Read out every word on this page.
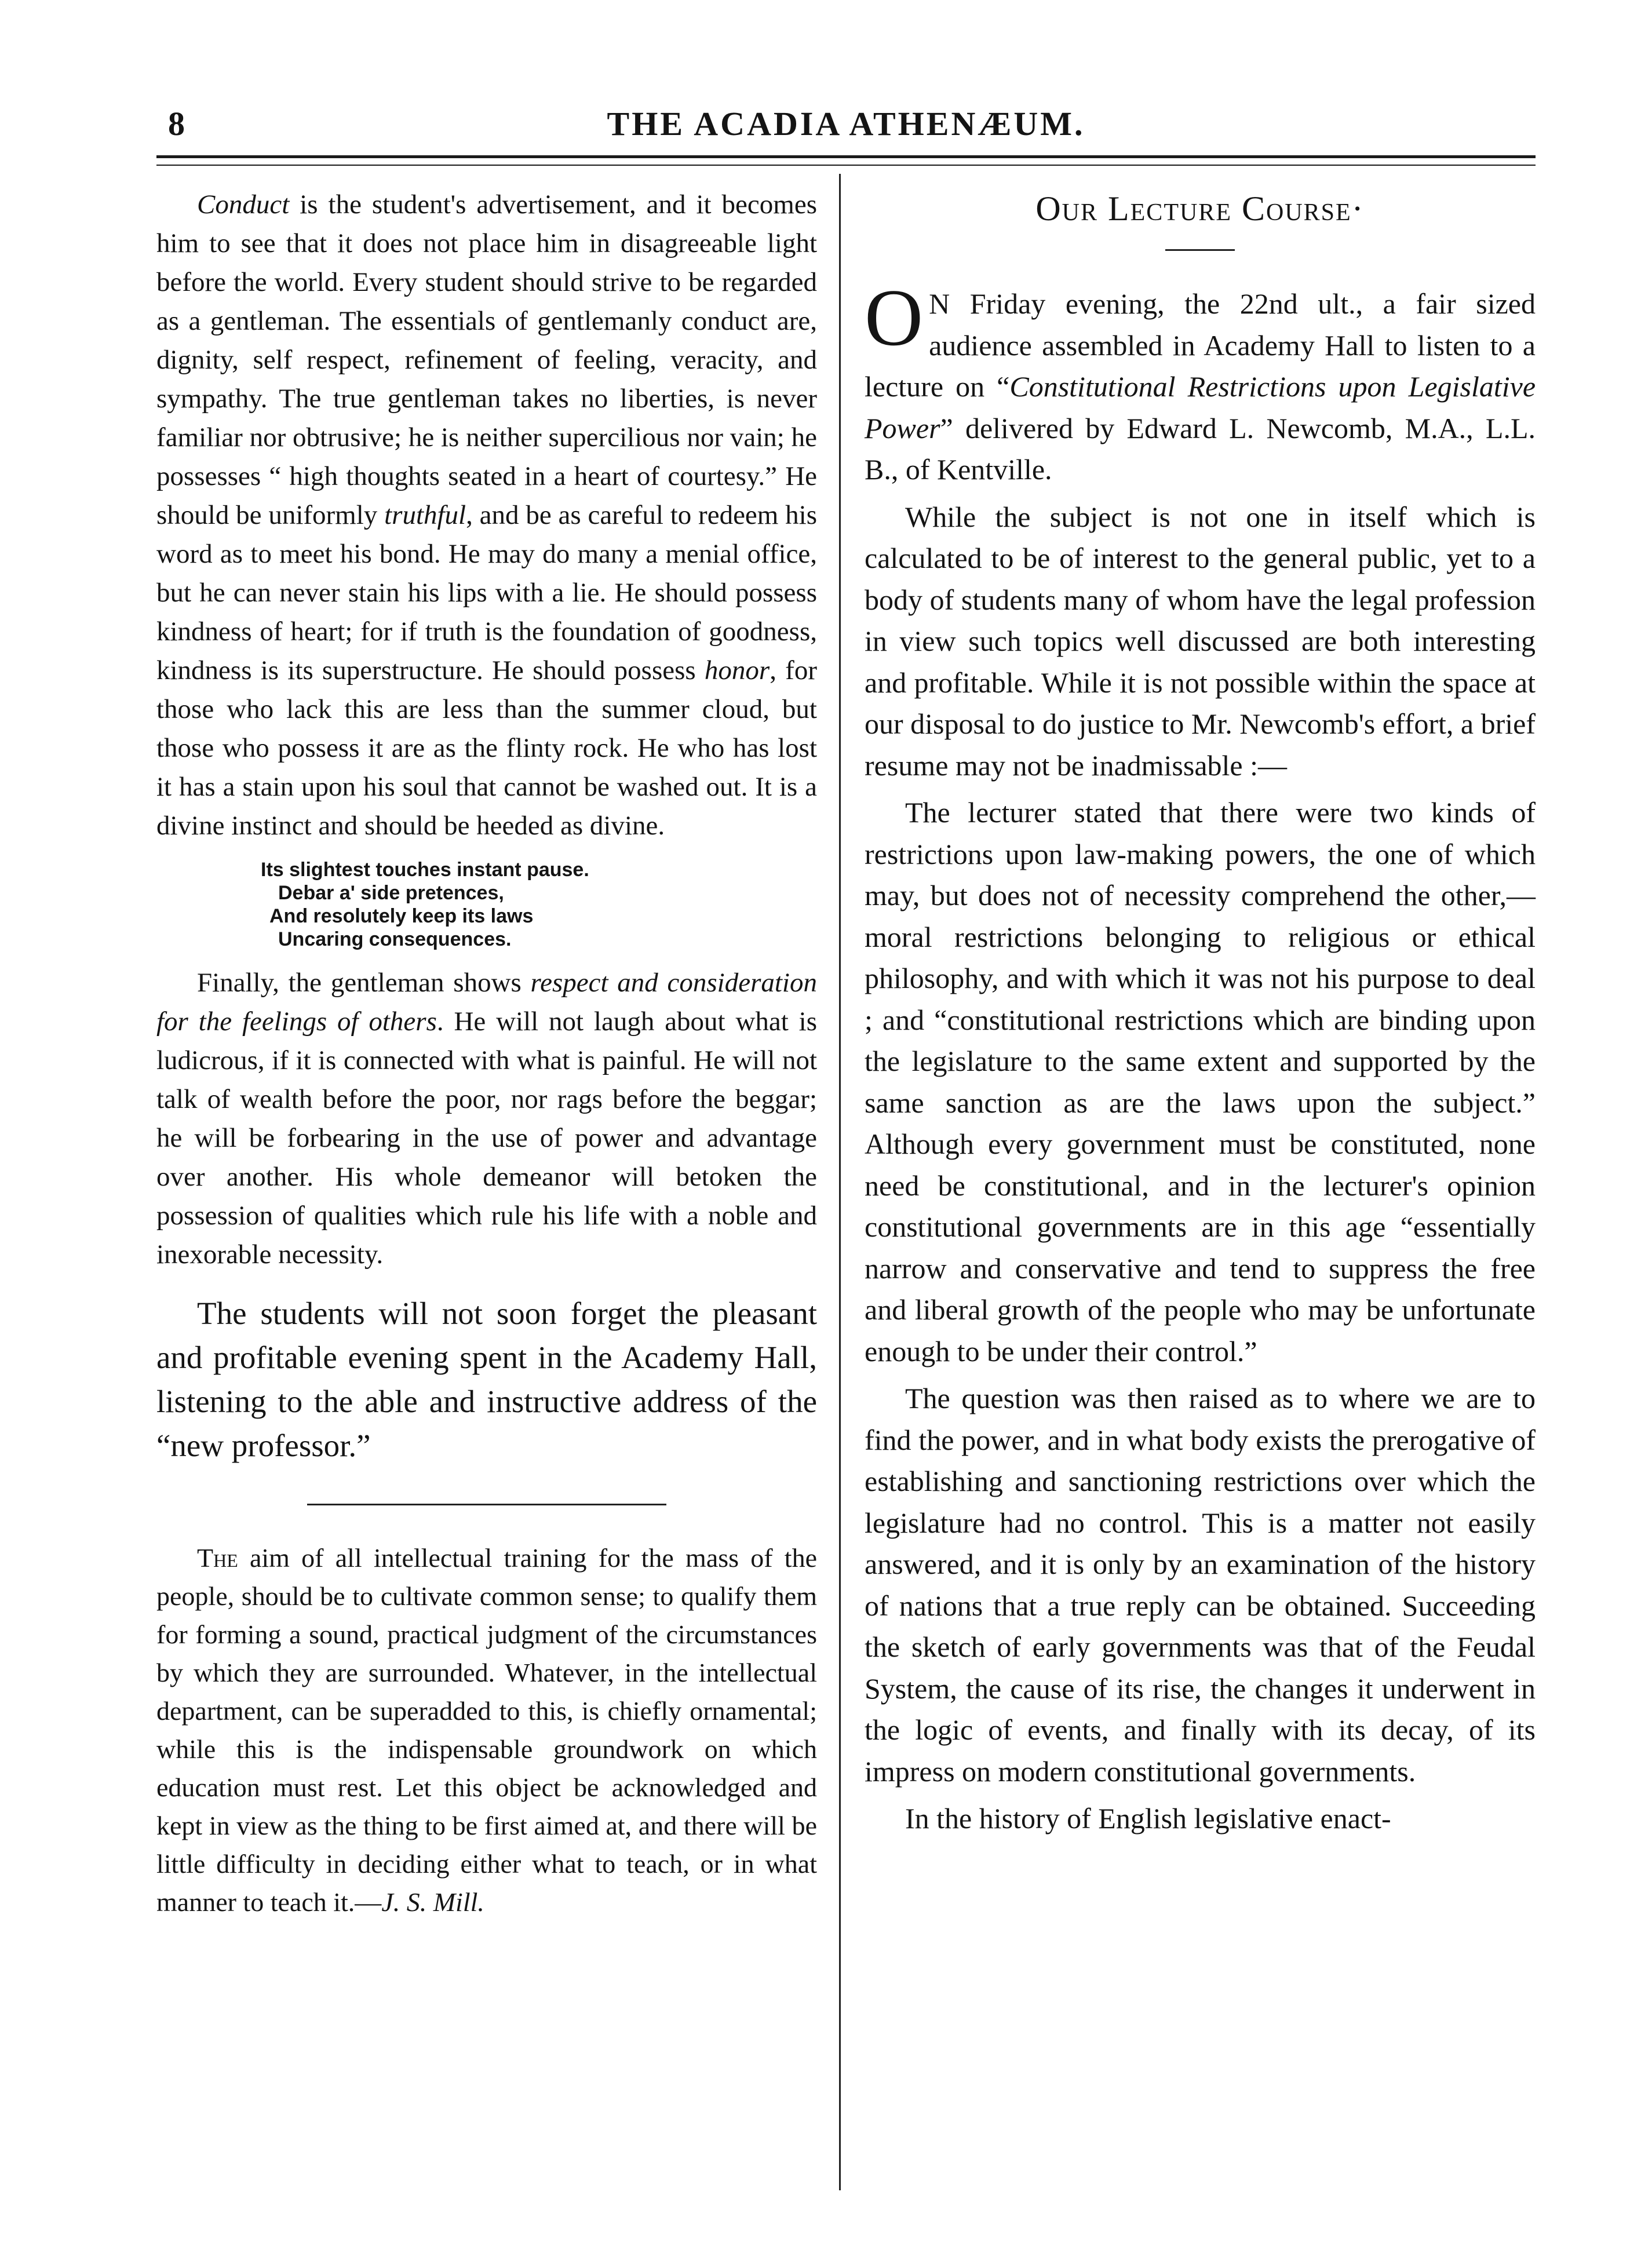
8	THE ACADIA ATHENÆUM.

Conduct is the student's advertisement, and it becomes him to see that it does not place him in disagreeable light before the world. Every student should strive to be regarded as a gentleman. The essentials of gentlemanly conduct are, dignity, self respect, refinement of feeling, veracity, and sympathy. The true gentleman takes no liberties, is never familiar nor obtrusive; he is neither supercilious nor vain; he possesses “ high thoughts seated in a heart of courtesy.” He should be uniformly truthful, and be as careful to redeem his word as to meet his bond. He may do many a menial office, but he can never stain his lips with a lie. He should possess kindness of heart; for if truth is the foundation of goodness, kindness is its superstructure. He should possess honor, for those who lack this are less than the summer cloud, but those who possess it are as the flinty rock. He who has lost it has a stain upon his soul that cannot be washed out. It is a divine instinct and should be heeded as divine.

Its slightest touches instant pause.
Debar a' side pretences,
And resolutely keep its laws
Uncaring consequences.

Finally, the gentleman shows respect and consideration for the feelings of others. He will not laugh about what is ludicrous, if it is connected with what is painful. He will not talk of wealth before the poor, nor rags before the beggar; he will be forbearing in the use of power and advantage over another. His whole demeanor will betoken the possession of qualities which rule his life with a noble and inexorable necessity.

The students will not soon forget the pleasant and profitable evening spent in the Academy Hall, listening to the able and instructive address of the “new professor.”

The aim of all intellectual training for the mass of the people, should be to cultivate common sense; to qualify them for forming a sound, practical judgment of the circumstances by which they are surrounded. Whatever, in the intellectual department, can be superadded to this, is chiefly ornamental; while this is the indispensable groundwork on which education must rest. Let this object be acknowledged and kept in view as the thing to be first aimed at, and there will be little difficulty in deciding either what to teach, or in what manner to teach it.—J. S. Mill.

Our Lecture Course·

O N Friday evening, the 22nd ult., a fair sized audience assembled in Academy Hall to listen to a lecture on “Constitutional Restrictions upon Legislative Power” delivered by Edward L. Newcomb, M.A., L.L. B., of Kentville.

While the subject is not one in itself which is calculated to be of interest to the general public, yet to a body of students many of whom have the legal profession in view such topics well discussed are both interesting and profitable. While it is not possible within the space at our disposal to do justice to Mr. Newcomb's effort, a brief resume may not be inadmissable :—

The lecturer stated that there were two kinds of restrictions upon law-making powers, the one of which may, but does not of necessity comprehend the other,—moral restrictions belonging to religious or ethical philosophy, and with which it was not his purpose to deal ; and “constitutional restrictions which are binding upon the legislature to the same extent and supported by the same sanction as are the laws upon the subject.” Although every government must be constituted, none need be constitutional, and in the lecturer's opinion constitutional governments are in this age “essentially narrow and conservative and tend to suppress the free and liberal growth of the people who may be unfortunate enough to be under their control.”

The question was then raised as to where we are to find the power, and in what body exists the prerogative of establishing and sanctioning restrictions over which the legislature had no control. This is a matter not easily answered, and it is only by an examination of the history of nations that a true reply can be obtained. Succeeding the sketch of early governments was that of the Feudal System, the cause of its rise, the changes it underwent in the logic of events, and finally with its decay, of its impress on modern constitutional governments.

In the history of English legislative enact-
